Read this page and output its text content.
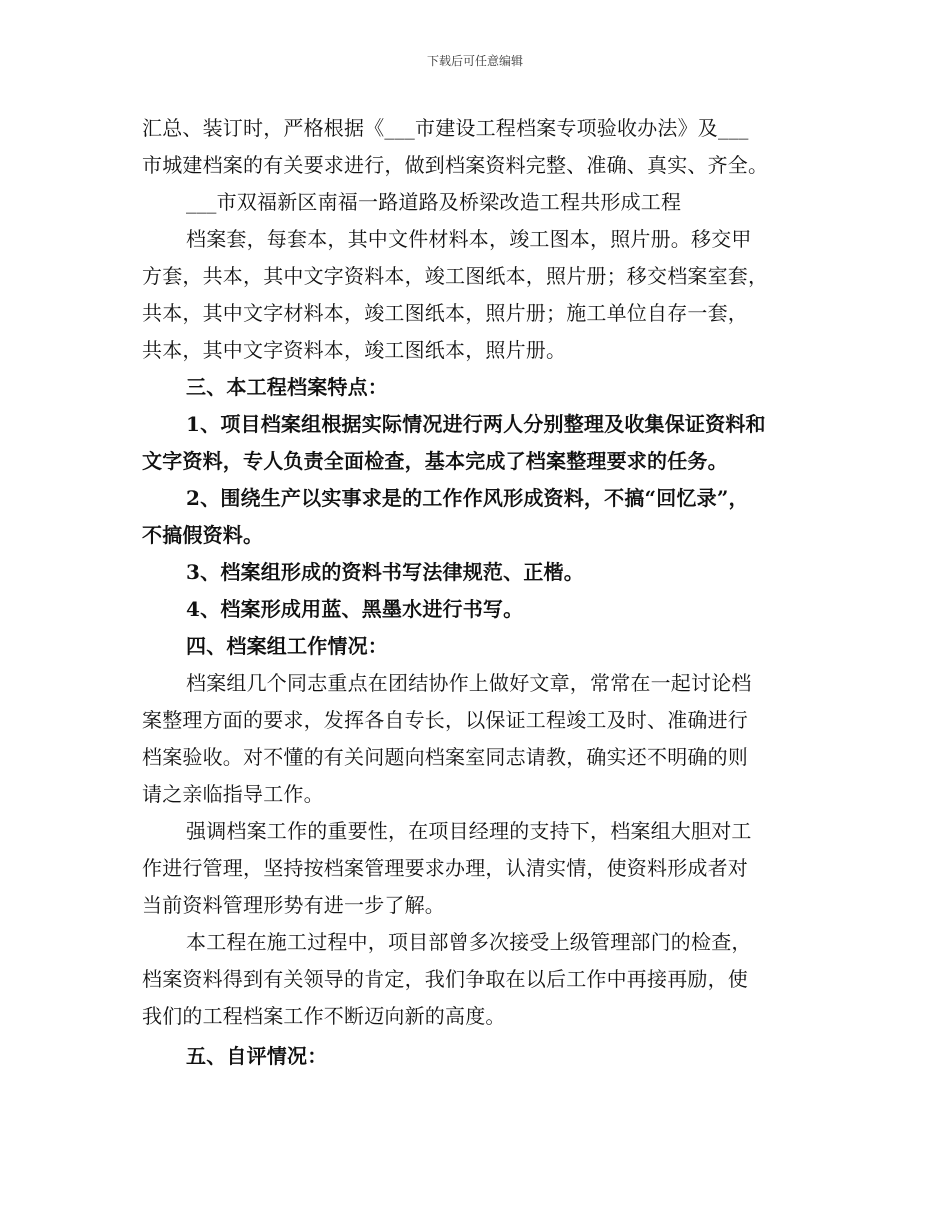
下载后可任意编辑
汇总、装订时，严格根据《___市建设工程档案专项验收办法》及___
市城建档案的有关要求进行，做到档案资料完整、准确、真实、齐全。
___市双福新区南福一路道路及桥梁改造工程共形成工程
档案套，每套本，其中文件材料本，竣工图本，照片册。移交甲
方套，共本，其中文字资料本，竣工图纸本，照片册；移交档案室套，
共本，其中文字材料本，竣工图纸本，照片册；施工单位自存一套，
共本，其中文字资料本，竣工图纸本，照片册。
三、本工程档案特点：
1、项目档案组根据实际情况进行两人分别整理及收集保证资料和
文字资料，专人负责全面检查，基本完成了档案整理要求的任务。
2、围绕生产以实事求是的工作作风形成资料，不搞“回忆录”，
不搞假资料。
3、档案组形成的资料书写法律规范、正楷。
4、档案形成用蓝、黑墨水进行书写。
四、档案组工作情况：
档案组几个同志重点在团结协作上做好文章，常常在一起讨论档
案整理方面的要求，发挥各自专长，以保证工程竣工及时、准确进行
档案验收。对不懂的有关问题向档案室同志请教，确实还不明确的则
请之亲临指导工作。
强调档案工作的重要性，在项目经理的支持下，档案组大胆对工
作进行管理，坚持按档案管理要求办理，认清实情，使资料形成者对
当前资料管理形势有进一步了解。
本工程在施工过程中，项目部曾多次接受上级管理部门的检查，
档案资料得到有关领导的肯定，我们争取在以后工作中再接再励，使
我们的工程档案工作不断迈向新的高度。
五、自评情况：
